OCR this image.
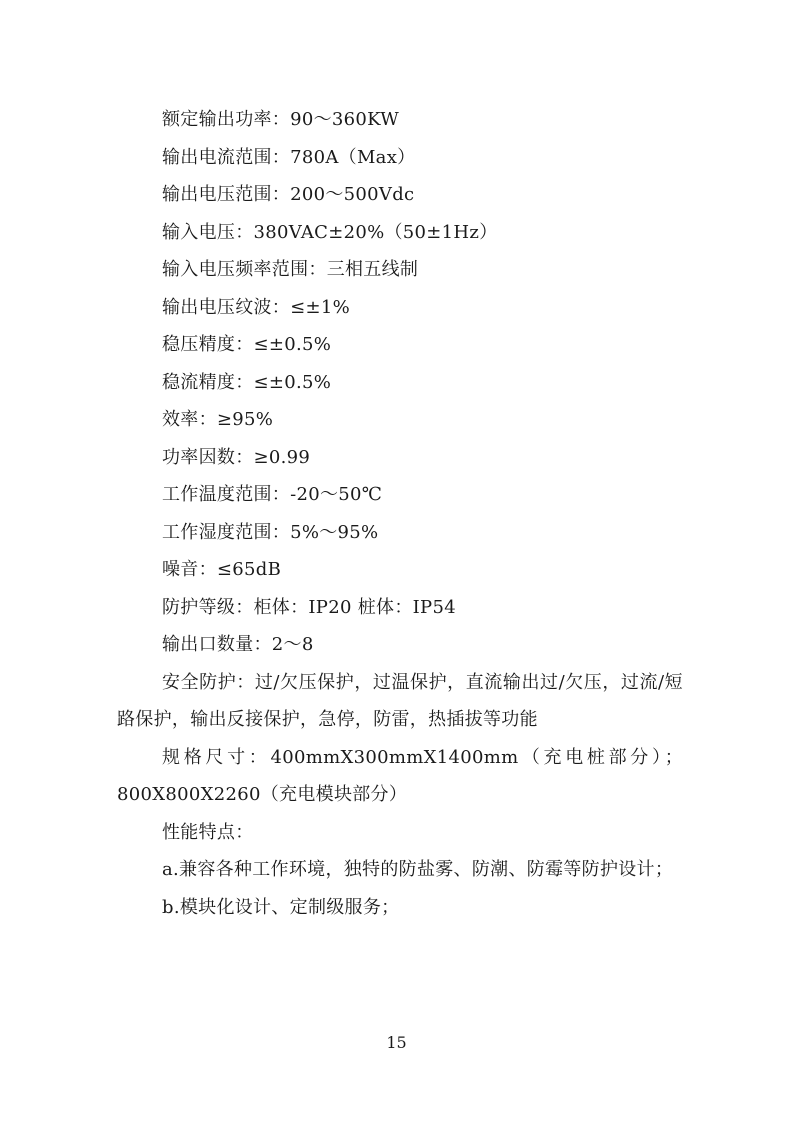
额定输出功率：90～360KW

输出电流范围：780A（Max）

输出电压范围：200～500Vdc

输入电压：380VAC±20%（50±1Hz）

输入电压频率范围：三相五线制

输出电压纹波：≤±1%

稳压精度：≤±0.5%

稳流精度：≤±0.5%

效率：≥95%

功率因数：≥0.99

工作温度范围：-20～50℃

工作湿度范围：5%～95%

噪音：≤65dB

防护等级：柜体：IP20 桩体：IP54

输出口数量：2～8

安全防护：过/欠压保护，过温保护，直流输出过/欠压，过流/短路保护，输出反接保护，急停，防雷，热插拔等功能

规格尺寸：400mmX300mmX1400mm（充电桩部分）；800X800X2260（充电模块部分）

性能特点：

a.兼容各种工作环境，独特的防盐雾、防潮、防霉等防护设计；

b.模块化设计、定制级服务；

15
